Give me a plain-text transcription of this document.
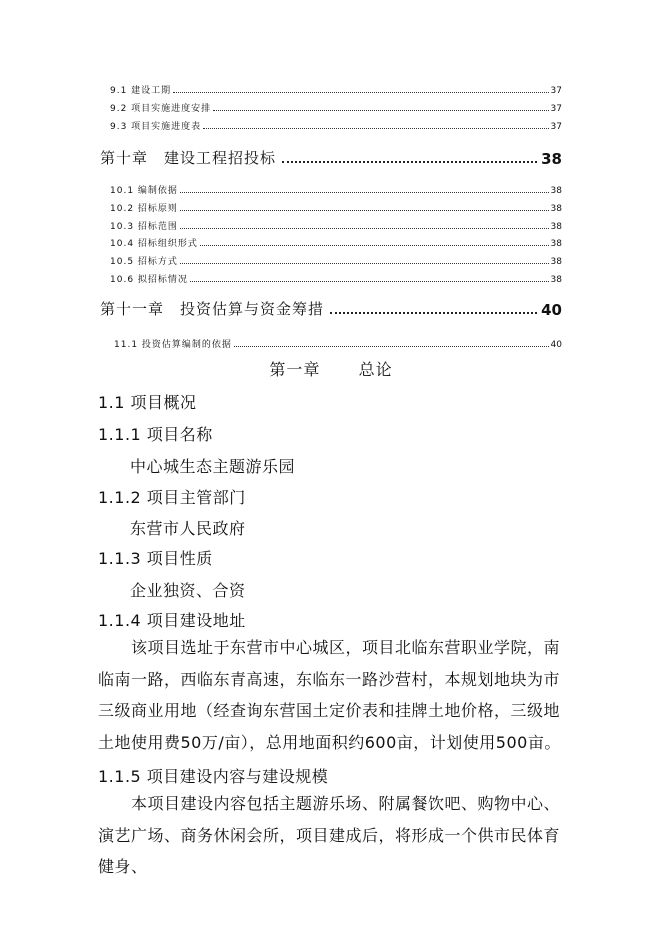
9.1 建设工期	37
9.2 项目实施进度安排	37
9.3 项目实施进度表	37
第十章　建设工程招投标	38
10.1 编制依据	38
10.2 招标原则	38
10.3 招标范围	38
10.4 招标组织形式	38
10.5 招标方式	38
10.6 拟招标情况	38
第十一章　投资估算与资金筹措	40
11.1 投资估算编制的依据	40
第一章 总论
1.1 项目概况
1.1.1 项目名称
中心城生态主题游乐园
1.1.2 项目主管部门
东营市人民政府
1.1.3 项目性质
企业独资、合资
1.1.4 项目建设地址
　　该项目选址于东营市中心城区，项目北临东营职业学院，南临南一路，西临东青高速，东临东一路沙营村，本规划地块为市三级商业用地（经查询东营国土定价表和挂牌土地价格，三级地土地使用费50万/亩），总用地面积约600亩，计划使用500亩。
1.1.5 项目建设内容与建设规模
　　本项目建设内容包括主题游乐场、附属餐饮吧、购物中心、演艺广场、商务休闲会所，项目建成后，将形成一个供市民体育健身、
